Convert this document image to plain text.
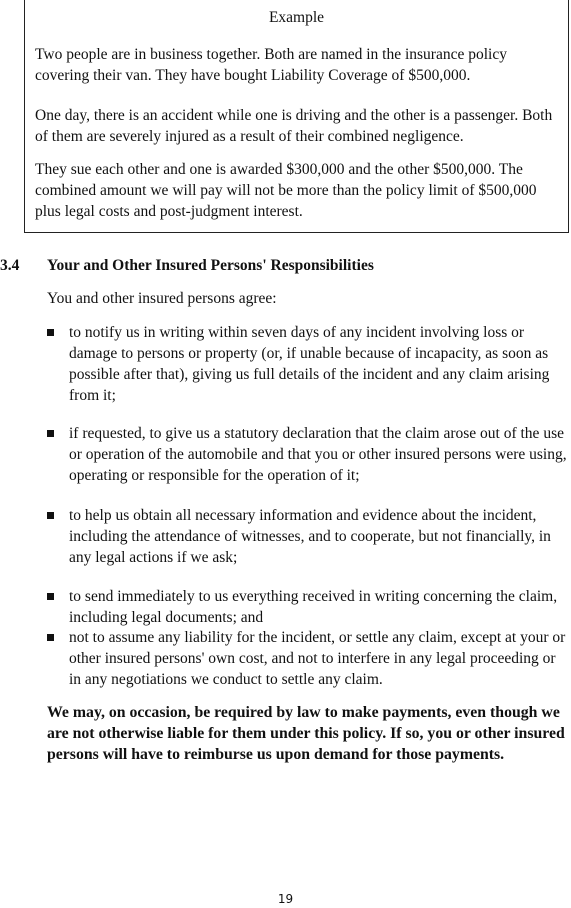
Example

Two people are in business together. Both are named in the insurance policy covering their van. They have bought Liability Coverage of $500,000.

One day, there is an accident while one is driving and the other is a passenger. Both of them are severely injured as a result of their combined negligence.

They sue each other and one is awarded $300,000 and the other $500,000. The combined amount we will pay will not be more than the policy limit of $500,000 plus legal costs and post-judgment interest.

3.4 Your and Other Insured Persons' Responsibilities
You and other insured persons agree:
to notify us in writing within seven days of any incident involving loss or damage to persons or property (or, if unable because of incapacity, as soon as possible after that), giving us full details of the incident and any claim arising from it;
if requested, to give us a statutory declaration that the claim arose out of the use or operation of the automobile and that you or other insured persons were using, operating or responsible for the operation of it;
to help us obtain all necessary information and evidence about the incident, including the attendance of witnesses, and to cooperate, but not financially, in any legal actions if we ask;
to send immediately to us everything received in writing concerning the claim, including legal documents; and
not to assume any liability for the incident, or settle any claim, except at your or other insured persons' own cost, and not to interfere in any legal proceeding or in any negotiations we conduct to settle any claim.
We may, on occasion, be required by law to make payments, even though we are not otherwise liable for them under this policy. If so, you or other insured persons will have to reimburse us upon demand for those payments.
19
